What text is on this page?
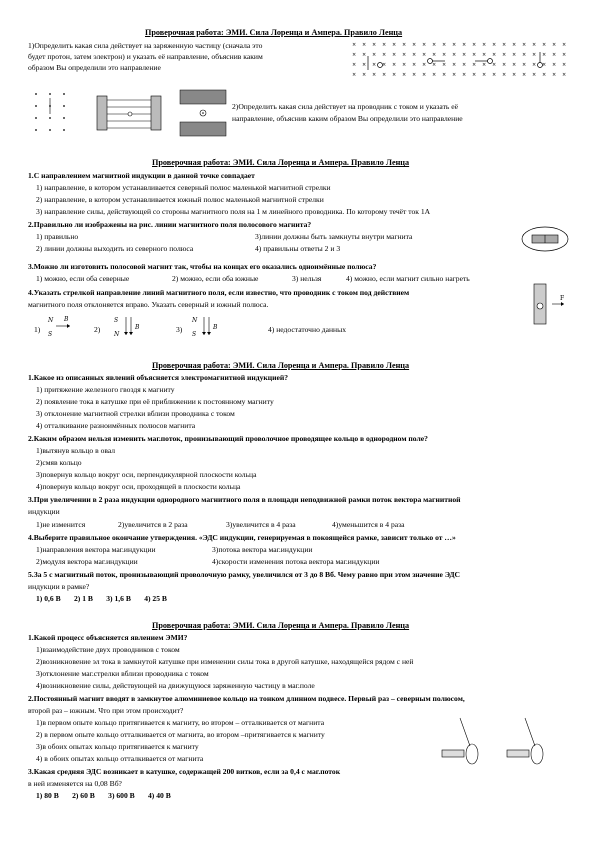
Проверочная работа: ЭМИ. Сила Лоренца и Ампера. Правило Ленца
1)Определить какая сила действует на заряженную частицу (сначала это
будет протон, затем электрон) и указать её направление, объяснив каким
образом Вы определили это направление
× × × × × × × × × × × × × × × × × × × × × ×
× × × × × × × × × × × × × × × × × × × × × ×
× × × × × × × × × × × × × × × × × × × × × ×
× × × × × × × × × × × × × × × × × × × × × ×
2)Определить какая сила действует на проводник с током и указать её
направление, объяснив каким образом Вы определили это направление
Проверочная работа: ЭМИ. Сила Лоренца и Ампера. Правило Ленца
1.С направлением магнитной индукции в данной точке совпадает
1) направление, в котором устанавливается северный полюс маленькой магнитной стрелки
2) направление, в котором устанавливается южный полюс маленькой магнитной стрелки
3) направление силы, действующей со стороны магнитного поля на 1 м линейного проводника. По которому течёт ток 1А
2.Правильно ли изображены на рис. линии магнитного поля полосового магнита?
1) правильно	3)линии должны быть замкнуты внутри магнита
2) линии должны выходить из северного полюса	4) правильны ответы 2 и 3
3.Можно ли изготовить полосовой магнит так, чтобы на концах его оказались одноимённые полюса?
1) можно, если оба северные	2) можно, если оба южные	3) нельзя	4) можно, если магнит сильно нагреть
F
4.Указать стрелкой направление линий магнитного поля, если известно, что проводник с током под действием
магнитного поля отклоняется вправо. Указать северный и южный полюса.
1)
N
S
B
2)
S
N
B	3)
N
S
B	4) недостаточно данных
Проверочная работа: ЭМИ. Сила Лоренца и Ампера. Правило Ленца
1.Какое из описанных явлений объясняется электромагнитной индукцией?
1) притяжение железного гвоздя к магниту
2) появление тока в катушке при её приближении к постоянному магниту
3) отклонение магнитной стрелки вблизи проводника с током
4) отталкивание разноимённых полюсов магнита
2.Каким образом нельзя изменить маг.поток, пронизывающий проволочное проводящее кольцо в однородном поле?
1)вытянув кольцо в овал
2)смяв кольцо
3)повернув кольцо вокруг оси, перпендикулярной плоскости кольца
4)повернув кольцо вокруг оси, проходящей в плоскости кольца
3.При увеличении в 2 раза индукции однородного магнитного поля в площади неподвижной рамки поток вектора магнитной
индукции
1)не изменится	2)увеличится в 2 раза	3)увеличится в 4 раза	4)уменьшится в 4 раза
4.Выберите правильное окончание утверждения. «ЭДС индукции, генерируемая в покоящейся рамке, зависит только от …»
1)направления вектора маг.индукции	3)потока вектора маг.индукции
2)модуля вектора маг.индукции	4)скорости изменения потока вектора маг.индукции
5.За 5 с магнитный поток, пронизывающий проволочную рамку, увеличился от 3 до 8 Вб. Чему равно при этом значение ЭДС
индукции в рамке?
1) 0,6 В       2) 1 В       3) 1,6 В       4) 25 В
Проверочная работа: ЭМИ. Сила Лоренца и Ампера. Правило Ленца
1.Какой процесс объясняется явлением ЭМИ?
1)взаимодействие двух проводников с током
2)возникновение эл тока в замкнутой катушке при изменении силы тока в другой катушке, находящейся рядом с ней
3)отклонение маг.стрелки вблизи проводника с током
4)возникновение силы, действующей на движущуюся заряженную частицу в маг.поле
2.Постоянный магнит вводят в замкнутое алюминиевое кольцо на тонком длинном подвесе. Первый раз – северным полюсом,
второй раз – южным. Что при этом происходит?
1)в первом опыте кольцо притягивается к магниту, во втором – отталкивается от магнита
2) в первом опыте кольцо отталкивается от магнита, во втором –притягивается к магниту
3)в обоих опытах кольцо притягивается к магниту
4) в обоих опытах кольцо отталкивается от магнита
3.Какая средняя ЭДС возникает в катушке, содержащей 200 витков, если за 0,4 с маг.поток
в ней изменяется на 0,08 Вб?
1) 80 В       2) 60 В       3) 600 В       4) 40 В
